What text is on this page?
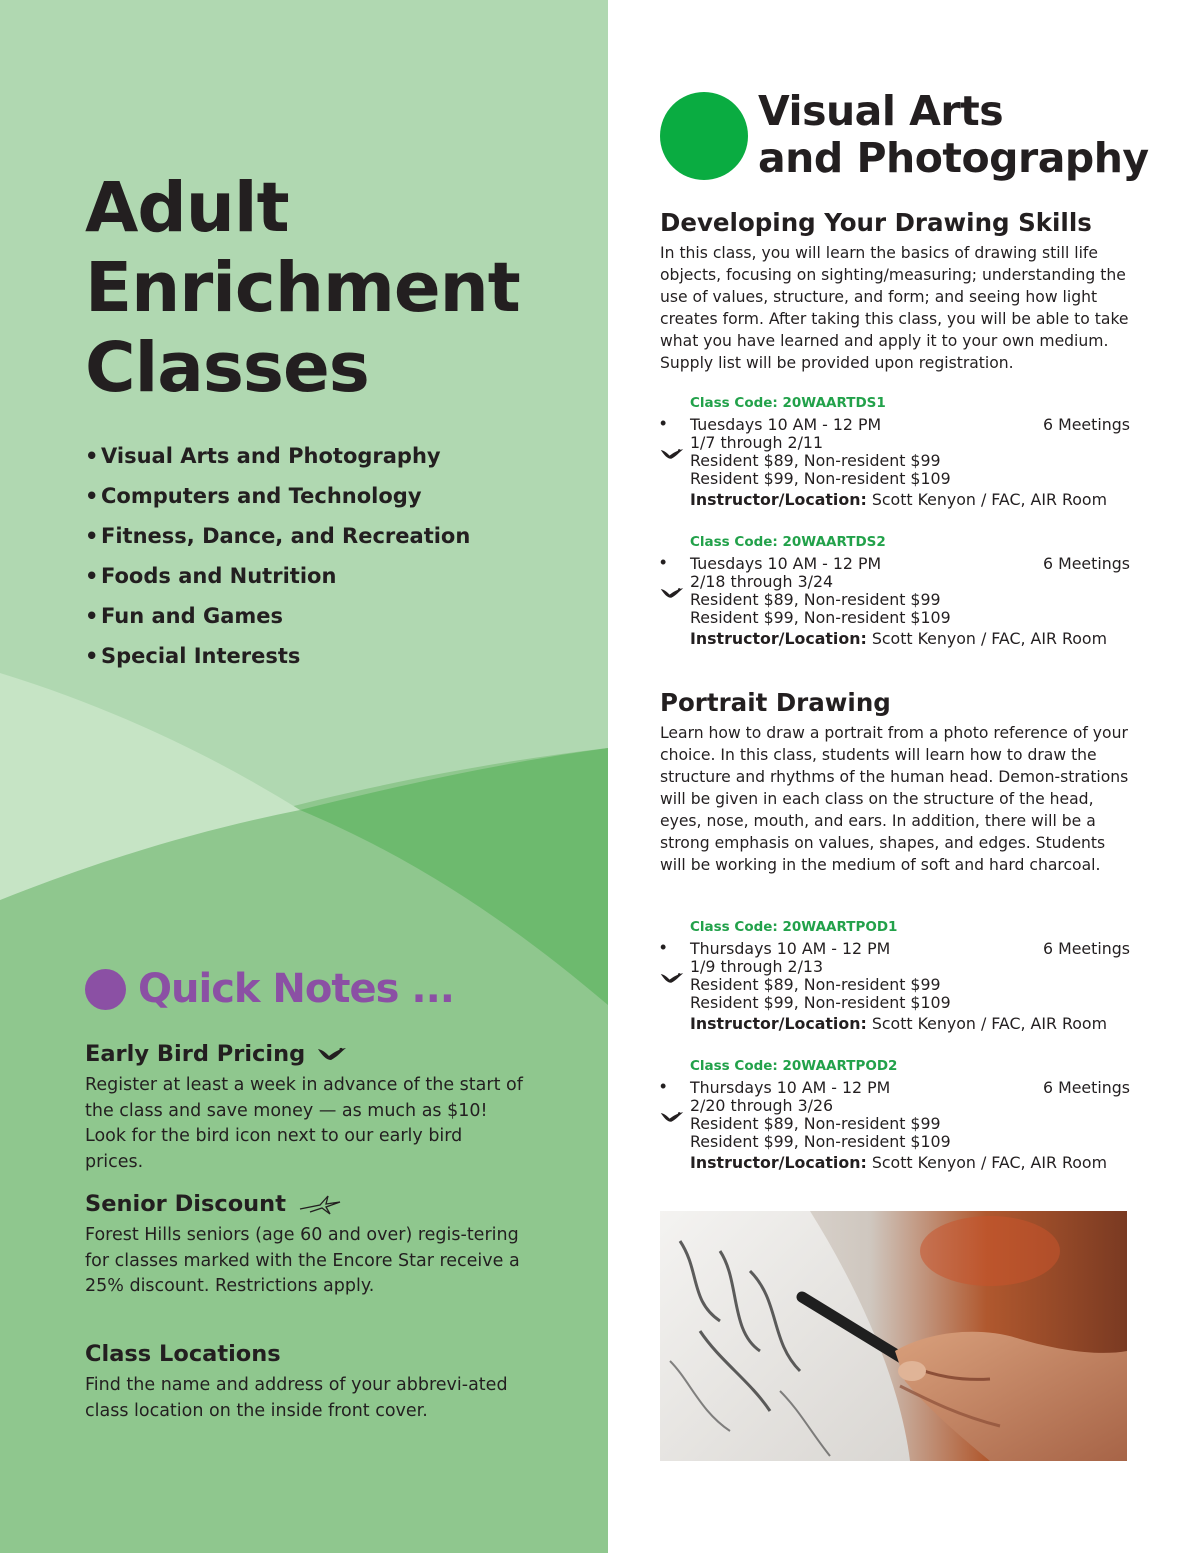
Adult
Enrichment
Classes
• Visual Arts and Photography
• Computers and Technology
• Fitness, Dance, and Recreation
• Foods and Nutrition
• Fun and Games
• Special Interests
Quick Notes ...
Early Bird Pricing

Register at least a week in advance of the start of the class and save money — as much as $10! Look for the bird icon next to our early bird prices.

Senior Discount

Forest Hills seniors (age 60 and over) regis-tering for classes marked with the Encore Star receive a 25% discount. Restrictions apply.

Class Locations

Find the name and address of your abbrevi-ated class location on the inside front cover.

Visual Arts
and Photography
Developing Your Drawing Skills

In this class, you will learn the basics of drawing still life objects, focusing on sighting/measuring; understanding the use of values, structure, and form; and seeing how light creates form. After taking this class, you will be able to take what you have learned and apply it to your own medium. Supply list will be provided upon registration.

Class Code: 20WAARTDS1
• Tuesdays 10 AM - 12 PM	6 Meetings
1/7 through 2/11
Resident $89, Non-resident $99
Resident $99, Non-resident $109
Instructor/Location: Scott Kenyon / FAC, AIR Room
Class Code: 20WAARTDS2
• Tuesdays 10 AM - 12 PM	6 Meetings
2/18 through 3/24
Resident $89, Non-resident $99
Resident $99, Non-resident $109
Instructor/Location: Scott Kenyon / FAC, AIR Room
Portrait Drawing

Learn how to draw a portrait from a photo reference of your choice. In this class, students will learn how to draw the structure and rhythms of the human head. Demon-strations will be given in each class on the structure of the head, eyes, nose, mouth, and ears. In addition, there will be a strong emphasis on values, shapes, and edges. Students will be working in the medium of soft and hard charcoal.

Class Code: 20WAARTPOD1
• Thursdays 10 AM - 12 PM	6 Meetings
1/9 through 2/13
Resident $89, Non-resident $99
Resident $99, Non-resident $109
Instructor/Location: Scott Kenyon / FAC, AIR Room
Class Code: 20WAARTPOD2
• Thursdays 10 AM - 12 PM	6 Meetings
2/20 through 3/26
Resident $89, Non-resident $99
Resident $99, Non-resident $109
Instructor/Location: Scott Kenyon / FAC, AIR Room
